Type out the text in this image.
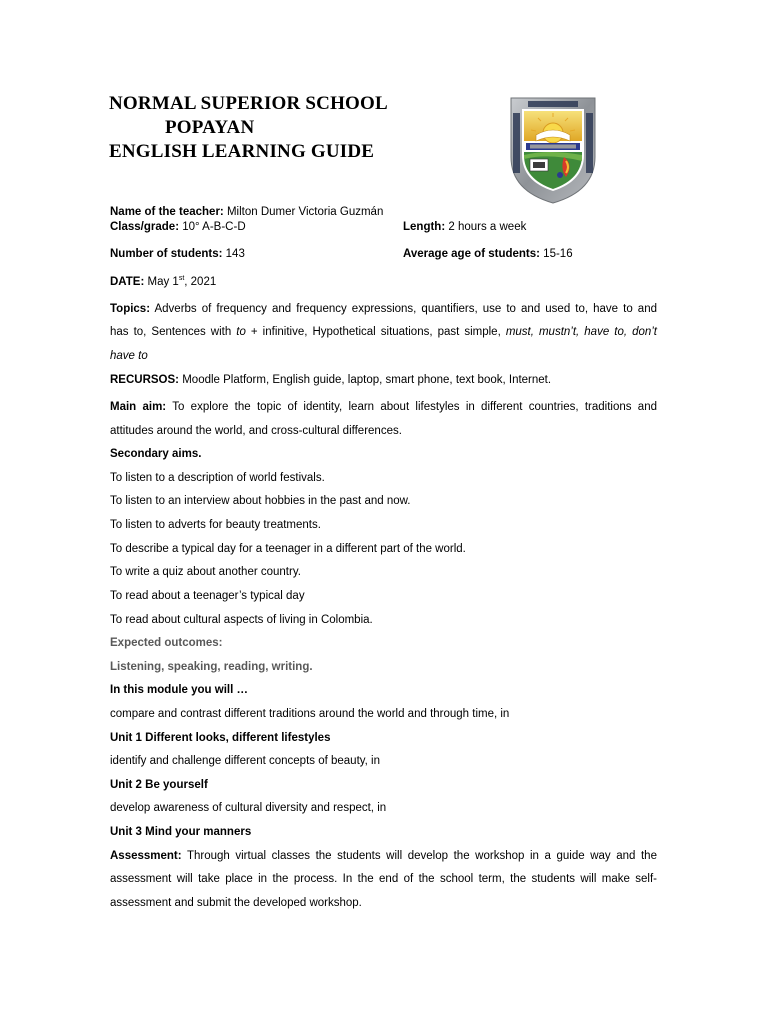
NORMAL SUPERIOR SCHOOL
POPAYAN
ENGLISH LEARNING GUIDE
Name of the teacher: Milton Dumer Victoria Guzmán
Class/grade: 10° A-B-C-D	Length: 2 hours a week
Number of students: 143	Average age of students: 15-16
DATE: May 1st, 2021
Topics: Adverbs of frequency and frequency expressions, quantifiers, use to and used to, have to and
has to, Sentences with to + infinitive, Hypothetical situations, past simple, must, mustn’t, have to, don’t
have to
RECURSOS: Moodle Platform, English guide, laptop, smart phone, text book, Internet.
Main aim: To explore the topic of identity, learn about lifestyles in different countries, traditions and
attitudes around the world, and cross-cultural differences.
Secondary aims.
To listen to a description of world festivals.
To listen to an interview about hobbies in the past and now.
To listen to adverts for beauty treatments.
To describe a typical day for a teenager in a different part of the world.
To write a quiz about another country.
To read about a teenager’s typical day
To read about cultural aspects of living in Colombia.
Expected outcomes:
Listening, speaking, reading, writing.
In this module you will …
compare and contrast different traditions around the world and through time, in
Unit 1 Different looks, different lifestyles
identify and challenge different concepts of beauty, in
Unit 2 Be yourself
develop awareness of cultural diversity and respect, in
Unit 3 Mind your manners
Assessment: Through virtual classes the students will develop the workshop in a guide way and the
assessment will take place in the process. In the end of the school term, the students will make self-
assessment and submit the developed workshop.
